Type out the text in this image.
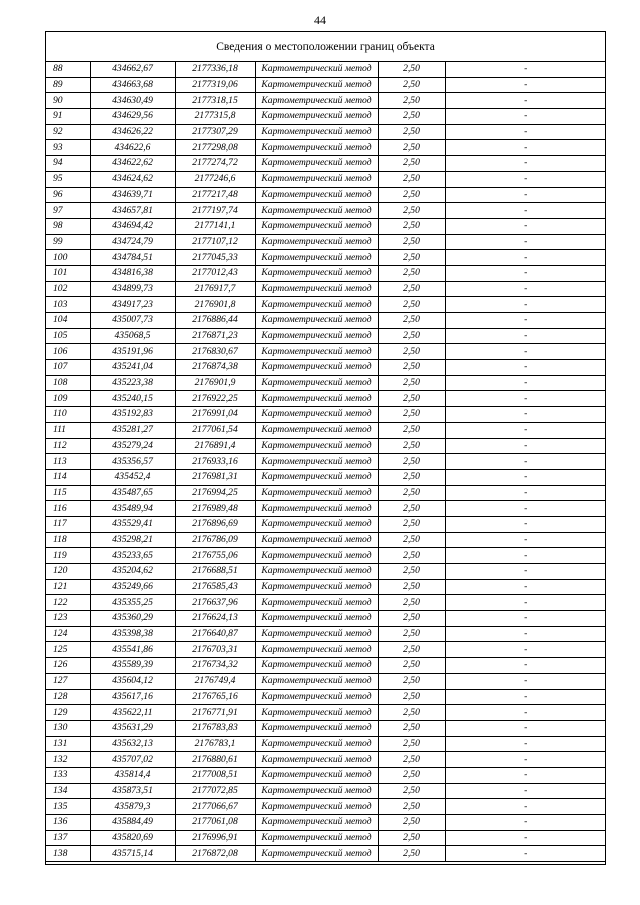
44
Сведения о местоположении границ объекта
88	434662,67	2177336,18	Картометрический метод	2,50	-
89	434663,68	2177319,06	Картометрический метод	2,50	-
90	434630,49	2177318,15	Картометрический метод	2,50	-
91	434629,56	2177315,8	Картометрический метод	2,50	-
92	434626,22	2177307,29	Картометрический метод	2,50	-
93	434622,6	2177298,08	Картометрический метод	2,50	-
94	434622,62	2177274,72	Картометрический метод	2,50	-
95	434624,62	2177246,6	Картометрический метод	2,50	-
96	434639,71	2177217,48	Картометрический метод	2,50	-
97	434657,81	2177197,74	Картометрический метод	2,50	-
98	434694,42	2177141,1	Картометрический метод	2,50	-
99	434724,79	2177107,12	Картометрический метод	2,50	-
100	434784,51	2177045,33	Картометрический метод	2,50	-
101	434816,38	2177012,43	Картометрический метод	2,50	-
102	434899,73	2176917,7	Картометрический метод	2,50	-
103	434917,23	2176901,8	Картометрический метод	2,50	-
104	435007,73	2176886,44	Картометрический метод	2,50	-
105	435068,5	2176871,23	Картометрический метод	2,50	-
106	435191,96	2176830,67	Картометрический метод	2,50	-
107	435241,04	2176874,38	Картометрический метод	2,50	-
108	435223,38	2176901,9	Картометрический метод	2,50	-
109	435240,15	2176922,25	Картометрический метод	2,50	-
110	435192,83	2176991,04	Картометрический метод	2,50	-
111	435281,27	2177061,54	Картометрический метод	2,50	-
112	435279,24	2176891,4	Картометрический метод	2,50	-
113	435356,57	2176933,16	Картометрический метод	2,50	-
114	435452,4	2176981,31	Картометрический метод	2,50	-
115	435487,65	2176994,25	Картометрический метод	2,50	-
116	435489,94	2176989,48	Картометрический метод	2,50	-
117	435529,41	2176896,69	Картометрический метод	2,50	-
118	435298,21	2176786,09	Картометрический метод	2,50	-
119	435233,65	2176755,06	Картометрический метод	2,50	-
120	435204,62	2176688,51	Картометрический метод	2,50	-
121	435249,66	2176585,43	Картометрический метод	2,50	-
122	435355,25	2176637,96	Картометрический метод	2,50	-
123	435360,29	2176624,13	Картометрический метод	2,50	-
124	435398,38	2176640,87	Картометрический метод	2,50	-
125	435541,86	2176703,31	Картометрический метод	2,50	-
126	435589,39	2176734,32	Картометрический метод	2,50	-
127	435604,12	2176749,4	Картометрический метод	2,50	-
128	435617,16	2176765,16	Картометрический метод	2,50	-
129	435622,11	2176771,91	Картометрический метод	2,50	-
130	435631,29	2176783,83	Картометрический метод	2,50	-
131	435632,13	2176783,1	Картометрический метод	2,50	-
132	435707,02	2176880,61	Картометрический метод	2,50	-
133	435814,4	2177008,51	Картометрический метод	2,50	-
134	435873,51	2177072,85	Картометрический метод	2,50	-
135	435879,3	2177066,67	Картометрический метод	2,50	-
136	435884,49	2177061,08	Картометрический метод	2,50	-
137	435820,69	2176996,91	Картометрический метод	2,50	-
138	435715,14	2176872,08	Картометрический метод	2,50	-
